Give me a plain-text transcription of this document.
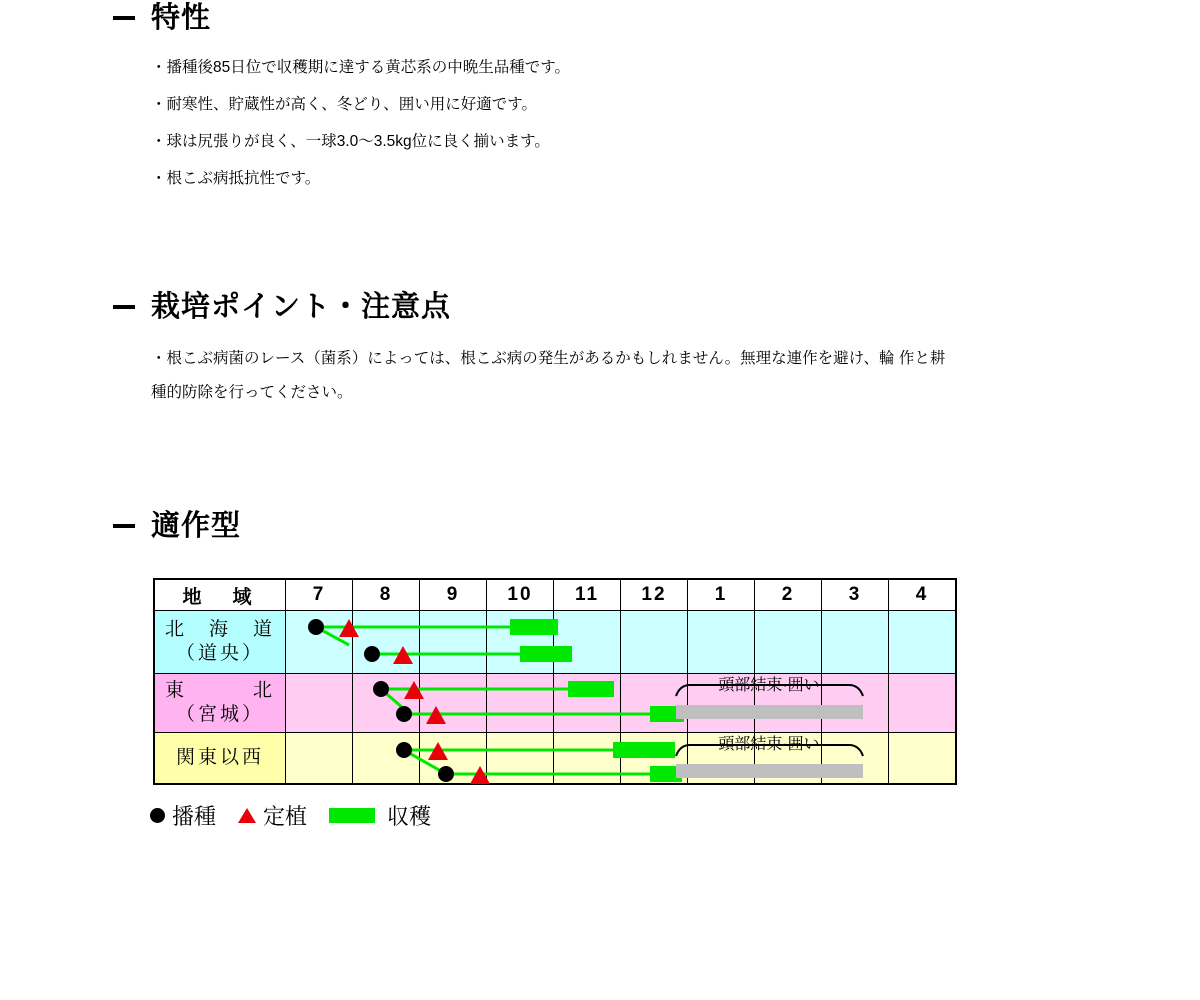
特性

・播種後85日位で収穫期に達する黄芯系の中晩生品種です。

・耐寒性、貯蔵性が高く、冬どり、囲い用に好適です。

・球は尻張りが良く、一球3.0〜3.5kg位に良く揃います。

・根こぶ病抵抗性です。

栽培ポイント・注意点
・根こぶ病菌のレース（菌系）によっては、根こぶ病の発生があるかもしれません。無理な連作を避け、輪 作と耕種的防除を行ってください。
適作型
地　域	7	8	9	10	11	12	1	2	3	4

北　海　道
（道央）										

東　　　北
（宮城）										

関東以西										

頭部結束·囲い
頭部結束·囲い
播種 定植	収穫
